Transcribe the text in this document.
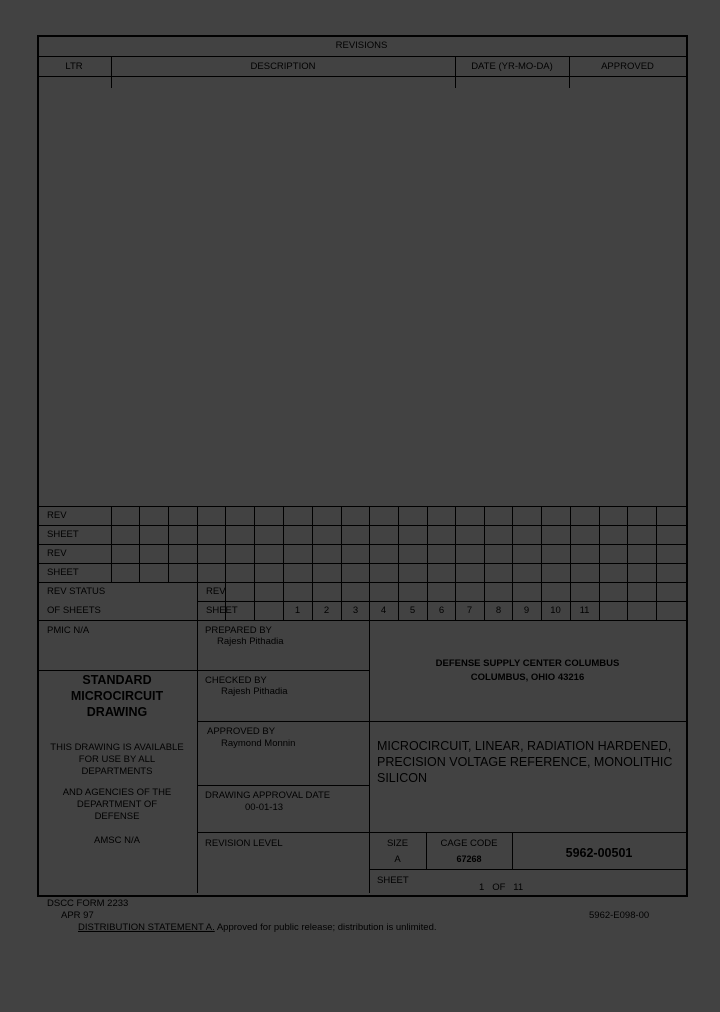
REVISIONS
LTR	DESCRIPTION	DATE (YR-MO-DA)	APPROVED
REV
SHEET
REV
SHEET
REV STATUS
OF SHEETS
REV
SHEET	1	2	3	4	5	6	7	8	9	10	11
PMIC N/A
STANDARD MICROCIRCUIT DRAWING
THIS DRAWING IS AVAILABLE FOR USE BY ALL DEPARTMENTS
AND AGENCIES OF THE DEPARTMENT OF DEFENSE
AMSC N/A
PREPARED BY
Rajesh Pithadia
CHECKED BY
Rajesh Pithadia
APPROVED BY
Raymond Monnin
DRAWING APPROVAL DATE
00-01-13
REVISION LEVEL
DEFENSE SUPPLY CENTER COLUMBUS
COLUMBUS, OHIO 43216
MICROCIRCUIT, LINEAR, RADIATION HARDENED, PRECISION VOLTAGE REFERENCE, MONOLITHIC SILICON
SIZE
A
CAGE CODE
67268	5962-00501
SHEET
1   OF   11
DSCC FORM 2233
APR 97	5962-E098-00
DISTRIBUTION STATEMENT A. Approved for public release; distribution is unlimited.
